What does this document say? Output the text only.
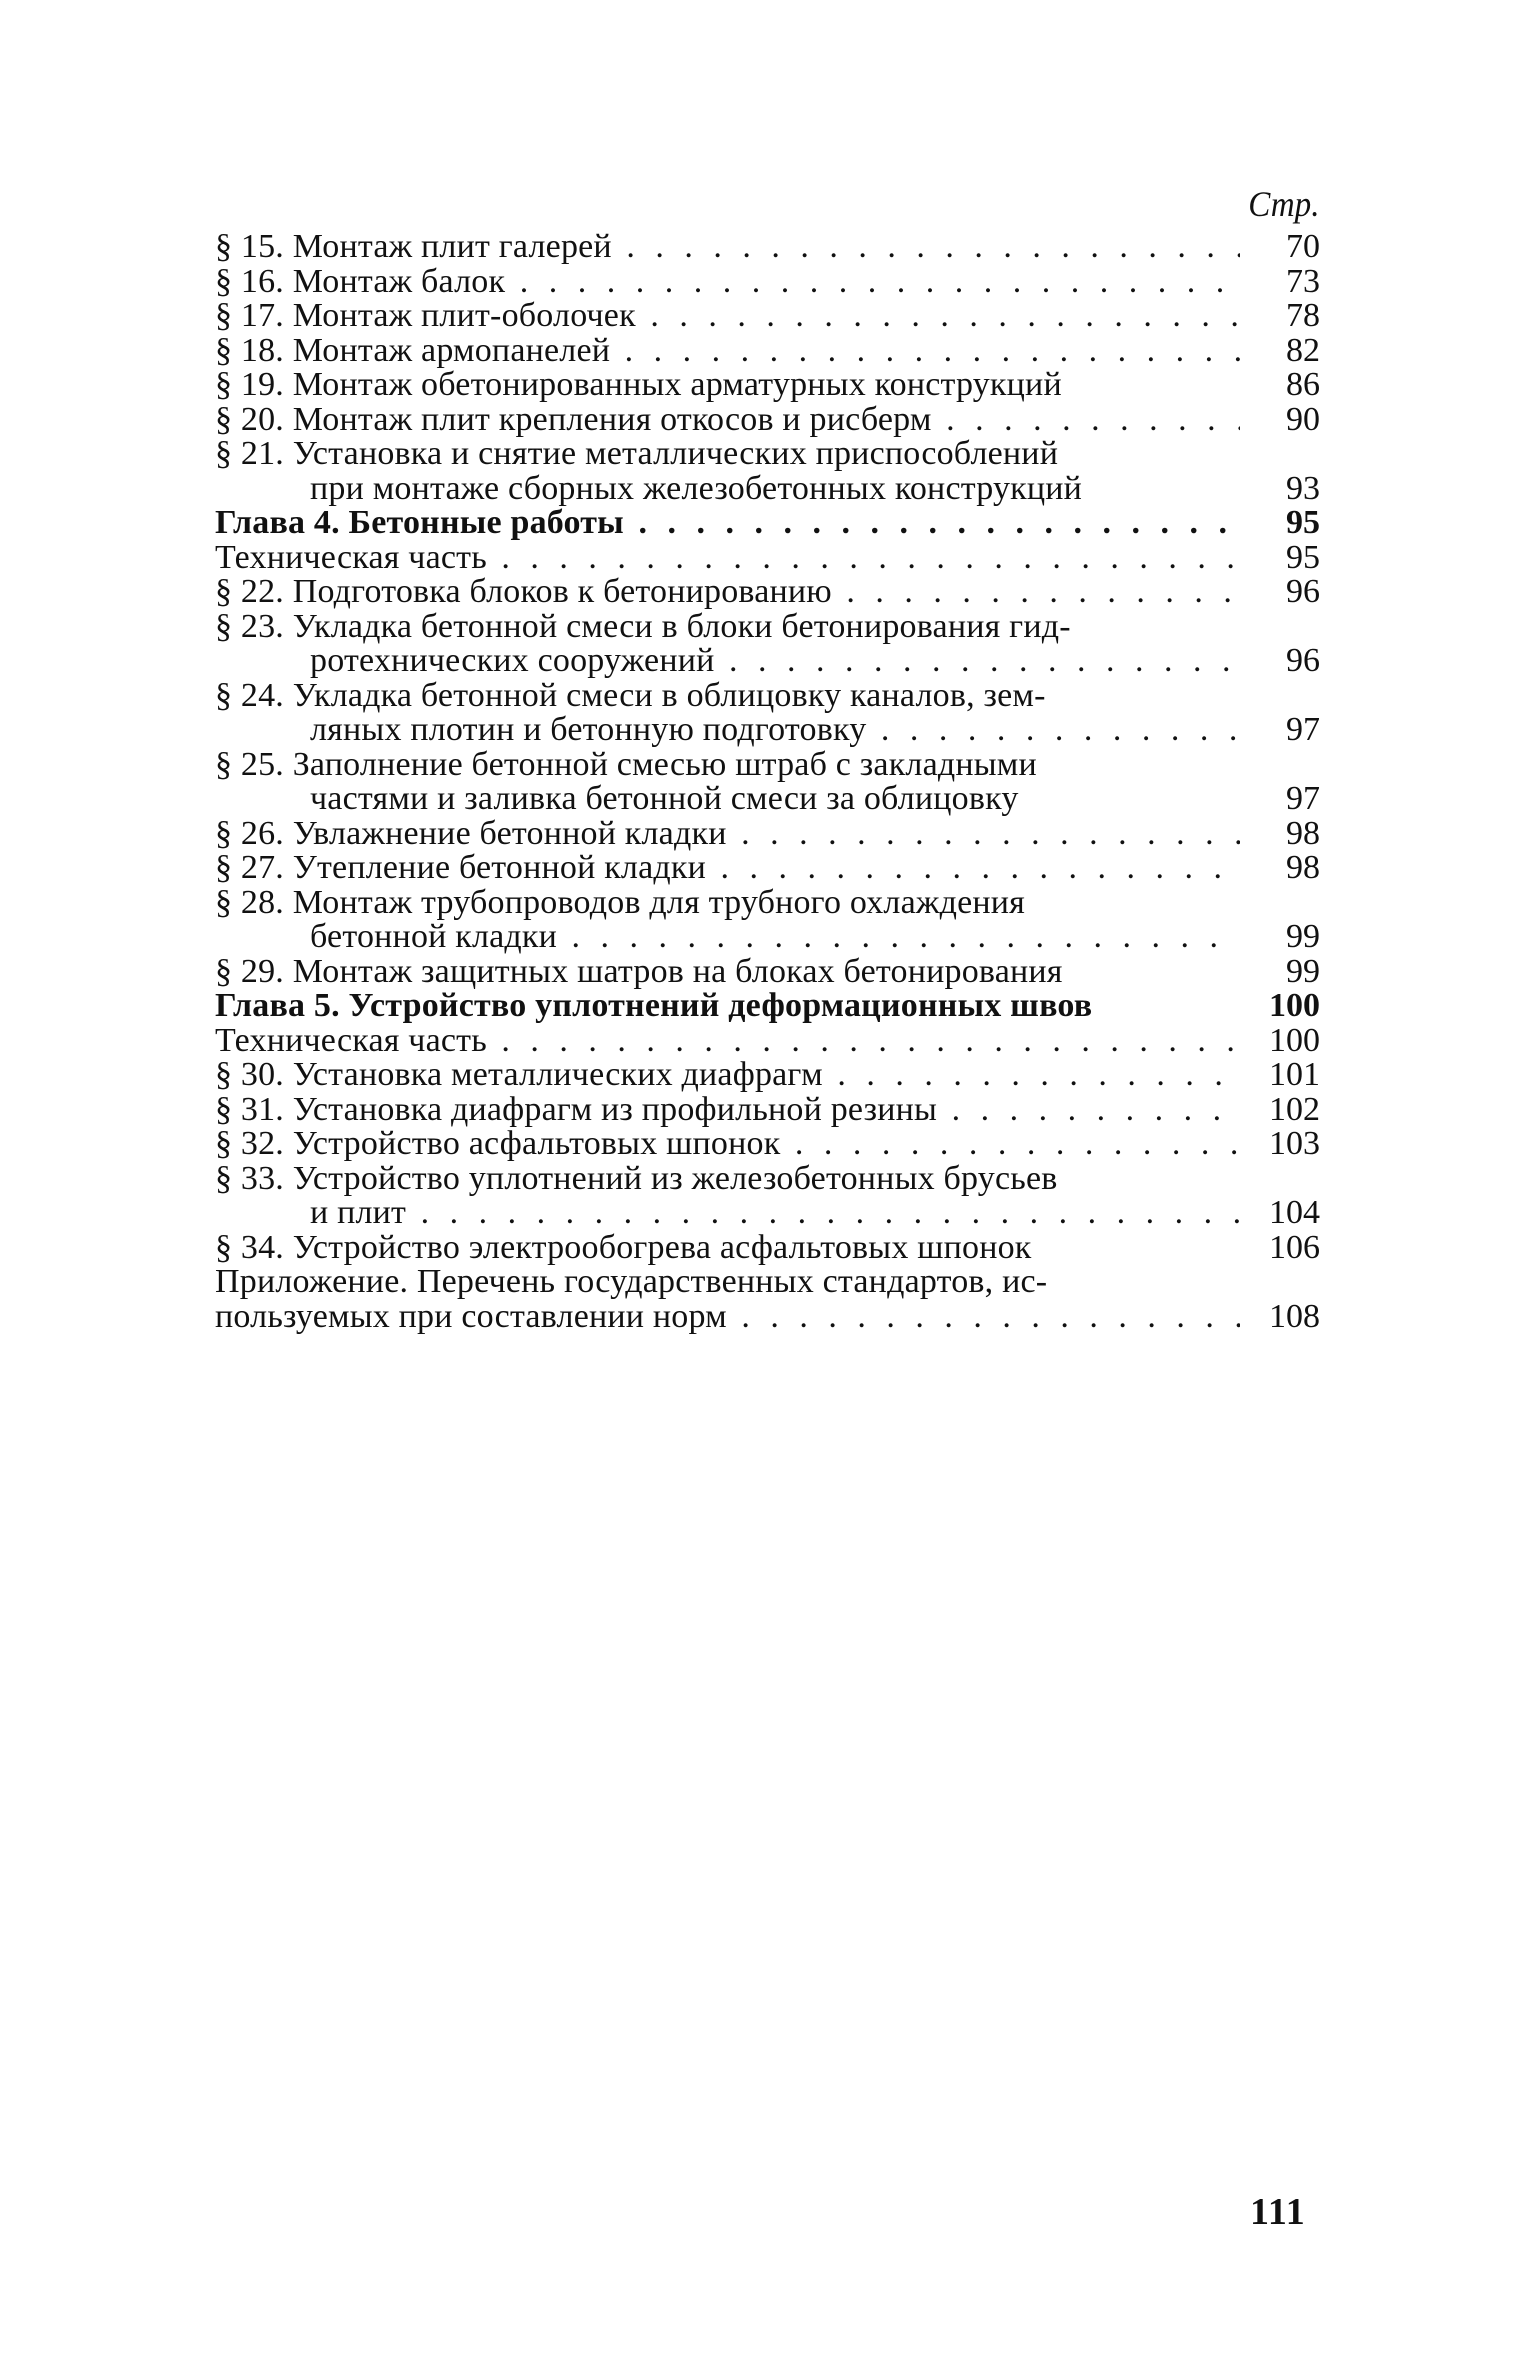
Стр.
§ 15. Монтаж плит галерей . . .	70
§ 16. Монтаж балок . . .	73
§ 17. Монтаж плит-оболочек . . .	78
§ 18. Монтаж армопанелей . . .	82
§ 19. Монтаж обетонированных арматурных конструкций	86
§ 20. Монтаж плит крепления откосов и рисберм . . .	90
§ 21. Установка и снятие металлических приспособлений
при монтаже сборных железобетонных конструкций	93
Глава 4. Бетонные работы . . .	95
Техническая часть . . .	95
§ 22. Подготовка блоков к бетонированию . . .	96
§ 23. Укладка бетонной смеси в блоки бетонирования гид-
ротехнических сооружений . . .	96
§ 24. Укладка бетонной смеси в облицовку каналов, зем-
ляных плотин и бетонную подготовку . . .	97
§ 25. Заполнение бетонной смесью штраб с закладными
частями и заливка бетонной смеси за облицовку	97
§ 26. Увлажнение бетонной кладки . . .	98
§ 27. Утепление бетонной кладки . . .	98
§ 28. Монтаж трубопроводов для трубного охлаждения
бетонной кладки . . .	99
§ 29. Монтаж защитных шатров на блоках бетонирования	99
Глава 5. Устройство уплотнений деформационных швов	100
Техническая часть . . .	100
§ 30. Установка металлических диафрагм . . .	101
§ 31. Установка диафрагм из профильной резины . . .	102
§ 32. Устройство асфальтовых шпонок . . .	103
§ 33. Устройство уплотнений из железобетонных брусьев
и плит . . .	104
§ 34. Устройство электрообогрева асфальтовых шпонок	106
Приложение. Перечень государственных стандартов, ис-
пользуемых при составлении норм . . .	108
111
